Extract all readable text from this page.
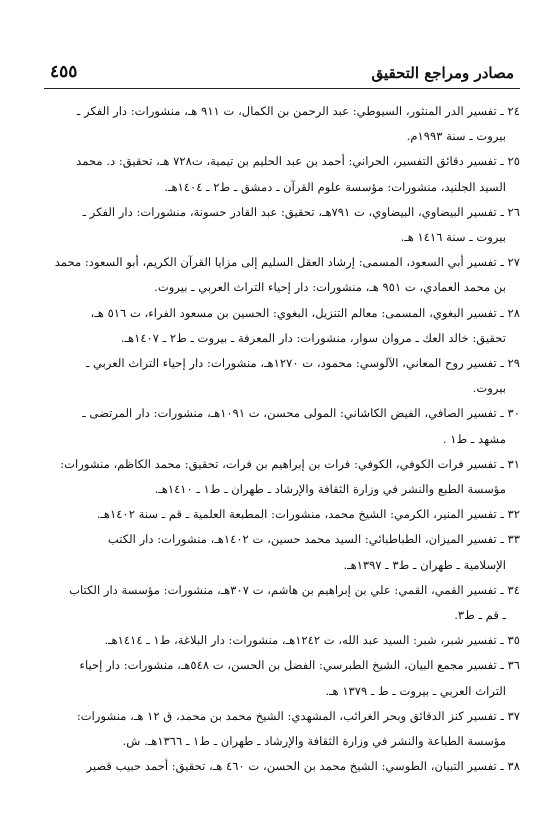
مصادر ومراجع التحقيق
٤٥٥

٢٤ ـ تفسير الدر المنثور، السيوطي: عبد الرحمن بن الكمال، ت ٩١١ هـ، منشورات: دار الفكر ـ
بيروت ـ سنة ١٩٩٣م.

٢٥ ـ تفسير دقائق التفسير، الحراني: أحمد بن عبد الحليم بن تيمية، ت٧٢٨ هـ، تحقيق: د. محمد
السيد الجلنيد، منشورات: مؤسسة علوم القرآن ـ دمشق ـ ط٢ ـ ١٤٠٤هـ.

٢٦ ـ تفسير البيضاوي، البيضاوي، ت ٧٩١هـ، تحقيق: عبد القادر حسونة، منشورات: دار الفكر ـ
بيروت ـ سنة ١٤١٦ هـ.

٢٧ ـ تفسير أبي السعود، المسمى: إرشاد العقل السليم إلى مزايا القرآن الكريم، أبو السعود: محمد
بن محمد العمادي، ت ٩٥١ هـ، منشورات: دار إحياء التراث العربي ـ بيروت.

٢٨ ـ تفسير البغوي، المسمى: معالم التنزيل، البغوي: الحسين بن مسعود الفراء، ت ٥١٦ هـ،
تحقيق: خالد العك ـ مروان سوار، منشورات: دار المعرفة ـ بيروت ـ ط٢ ـ ١٤٠٧هـ.

٢٩ ـ تفسير روح المعاني، الآلوسي: محمود، ت ١٢٧٠هـ، منشورات: دار إحياء التراث العربي ـ
بيروت.

٣٠ ـ تفسير الصافي، الفيض الكاشاني: المولى محسن، ت ١٠٩١هـ، منشورات: دار المرتضى ـ
مشهد ـ ط١ .

٣١ ـ تفسير فرات الكوفي، الكوفي: فرات بن إبراهيم بن فرات، تحقيق: محمد الكاظم، منشورات:
مؤسسة الطبع والنشر في وزارة الثقافة والإرشاد ـ طهران ـ ط١ ـ ١٤١٠هـ.

٣٢ ـ تفسير المنير، الكرمي: الشيخ محمد، منشورات: المطبعة العلمية ـ قم ـ سنة ١٤٠٢هـ.

٣٣ ـ تفسير الميزان، الطباطبائي: السيد محمد حسين، ت ١٤٠٢هـ، منشورات: دار الكتب
الإسلامية ـ طهران ـ ط٣ ـ ١٣٩٧هـ.

٣٤ ـ تفسير القمي، القمي: علي بن إبراهيم بن هاشم، ت ٣٠٧هـ، منشورات: مؤسسة دار الكتاب
ـ قم ـ ط٣.

٣٥ ـ تفسير شبر، شبر: السيد عبد الله، ت ١٢٤٢هـ، منشورات: دار البلاغة، ط١ ـ ١٤١٤هـ.

٣٦ ـ تفسير مجمع البيان، الشيخ الطبرسي: الفضل بن الحسن، ت ٥٤٨هـ، منشورات: دار إحياء
التراث العربي ـ بيروت ـ ط ـ ١٣٧٩ هـ.

٣٧ ـ تفسير كنز الدقائق وبحر الغرائب، المشهدي: الشيخ محمد بن محمد، ق ١٢ هـ، منشورات:
مؤسسة الطباعة والنشر في وزارة الثقافة والإرشاد ـ طهران ـ ط١ ـ ١٣٦٦هـ. ش.

٣٨ ـ تفسير التبيان، الطوسي: الشيخ محمد بن الحسن، ت ٤٦٠ هـ، تحقيق: أحمد حبيب قصير
